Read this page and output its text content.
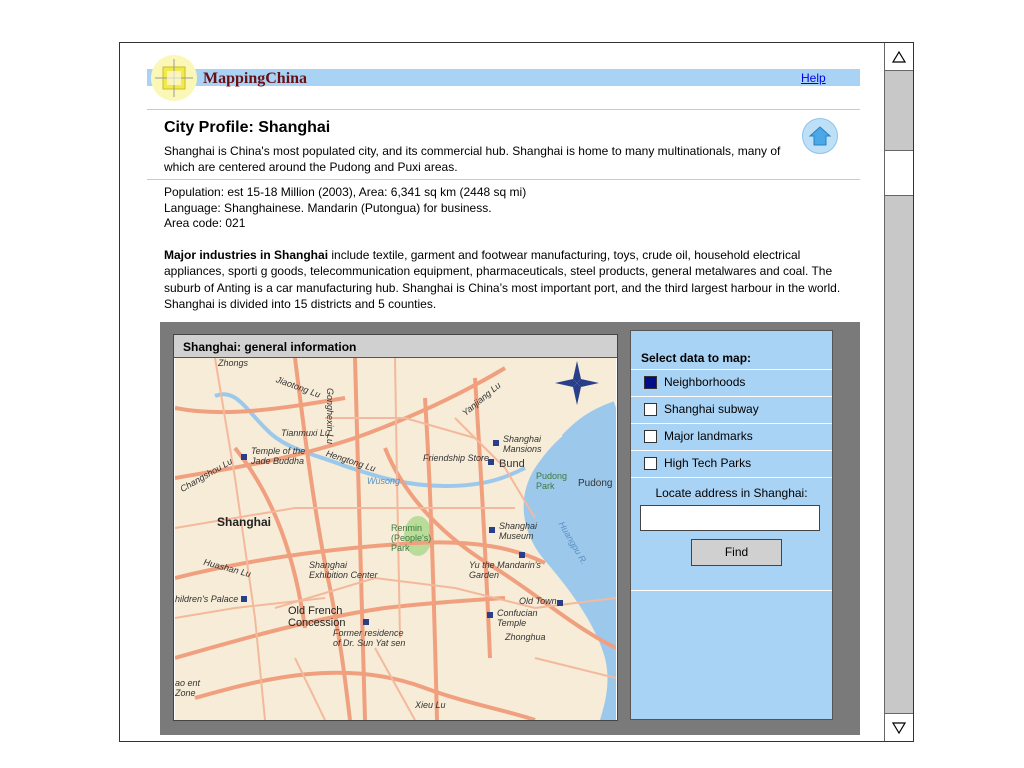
MappingChina	Help
City Profile: Shanghai
Shanghai is China's most populated city, and its commercial hub. Shanghai is home to many multinationals, many of which are centered around the Pudong and Puxi areas.
Population: est 15-18 Million (2003), Area: 6,341 sq km (2448 sq mi)
Language: Shanghainese. Mandarin (Putongua) for business.
Area code: 021
Major industries in Shanghai include textile, garment and footwear manufacturing, toys, crude oil, household electrical appliances, sporti g goods, telecommunication equipment, pharmaceuticals, steel products, general metalwares and coal. The suburb of Anting is a car manufacturing hub. Shanghai is China’s most important port, and the third largest harbour in the world. Shanghai is divided into 15 districts and 5 counties.
Shanghai: general information
Zhongs
Jiaotong Lu
Gonghexin Lu	Yanjiang Lu
Tianmuxi Lu
Temple of the Jade Buddha	Hengtong Lu	Friendship Store
Shanghai Mansions
Bund
Changshou Lu	Wusong	Pudong Park	Pudong
Shanghai	Renmin (People's) Park
Shanghai Museum	Huangpu R.
Huashan Lu	Shanghai Exhibition Center
Yu the Mandarin's Garden
hildren's Palace	Old Town
Old French Concession
Confucian Temple
Former residence of Dr. Sun Yat sen
Zhonghua
ao ent Zone
Xieu Lu
Select data to map:
Neighborhoods
Shanghai subway
Major landmarks
High Tech Parks
Locate address in Shanghai:
Find
